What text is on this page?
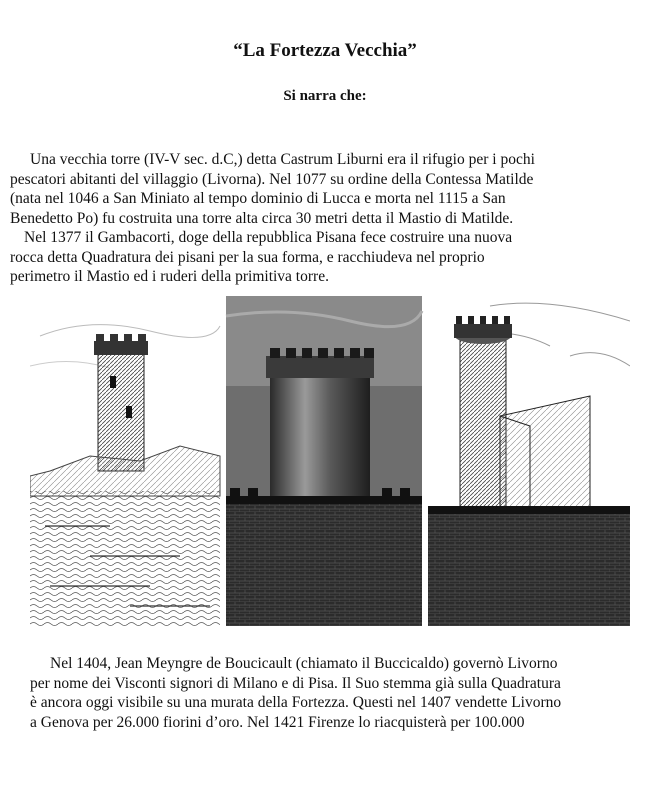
“La Fortezza Vecchia”
Si narra che:
Una vecchia torre (IV-V sec. d.C,) detta Castrum Liburni era il rifugio per i pochi
pescatori abitanti del villaggio (Livorna). Nel 1077 su ordine della Contessa Matilde
(nata nel 1046 a San Miniato al tempo dominio di Lucca e morta nel 1115 a San
Benedetto Po) fu costruita una torre alta circa 30 metri detta il Mastio di Matilde.
Nel 1377 il Gambacorti, doge della repubblica Pisana fece costruire una nuova
rocca detta Quadratura dei pisani per la sua forma, e racchiudeva nel proprio
perimetro il Mastio ed i ruderi della primitiva torre.
Nel 1404, Jean Meyngre de Boucicault (chiamato il Buccicaldo) governò Livorno
per nome dei Visconti signori di Milano e di Pisa. Il Suo stemma già sulla Quadratura
è ancora oggi visibile su una murata della Fortezza. Questi nel 1407 vendette Livorno
a Genova per 26.000 fiorini d’oro. Nel 1421 Firenze lo riacquisterà per 100.000
